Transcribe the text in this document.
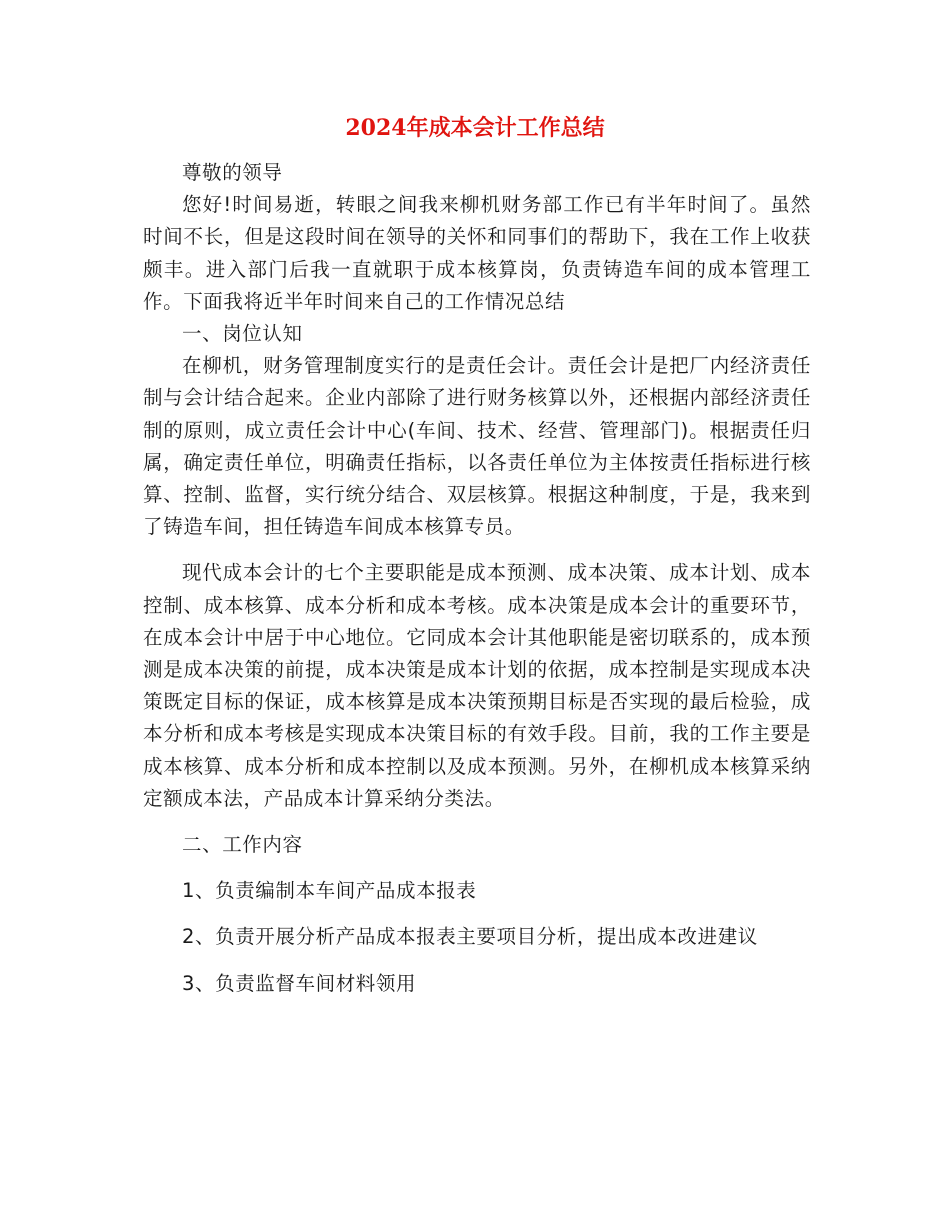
2024年成本会计工作总结

尊敬的领导

您好!时间易逝，转眼之间我来柳机财务部工作已有半年时间了。虽然时间不长，但是这段时间在领导的关怀和同事们的帮助下，我在工作上收获颇丰。进入部门后我一直就职于成本核算岗，负责铸造车间的成本管理工作。下面我将近半年时间来自己的工作情况总结

一、岗位认知

在柳机，财务管理制度实行的是责任会计。责任会计是把厂内经济责任制与会计结合起来。企业内部除了进行财务核算以外，还根据内部经济责任制的原则，成立责任会计中心(车间、技术、经营、管理部门)。根据责任归属，确定责任单位，明确责任指标，以各责任单位为主体按责任指标进行核算、控制、监督，实行统分结合、双层核算。根据这种制度，于是，我来到了铸造车间，担任铸造车间成本核算专员。

现代成本会计的七个主要职能是成本预测、成本决策、成本计划、成本控制、成本核算、成本分析和成本考核。成本决策是成本会计的重要环节，在成本会计中居于中心地位。它同成本会计其他职能是密切联系的，成本预测是成本决策的前提，成本决策是成本计划的依据，成本控制是实现成本决策既定目标的保证，成本核算是成本决策预期目标是否实现的最后检验，成本分析和成本考核是实现成本决策目标的有效手段。目前，我的工作主要是成本核算、成本分析和成本控制以及成本预测。另外，在柳机成本核算采纳定额成本法，产品成本计算采纳分类法。

二、工作内容

1、负责编制本车间产品成本报表

2、负责开展分析产品成本报表主要项目分析，提出成本改进建议

3、负责监督车间材料领用
